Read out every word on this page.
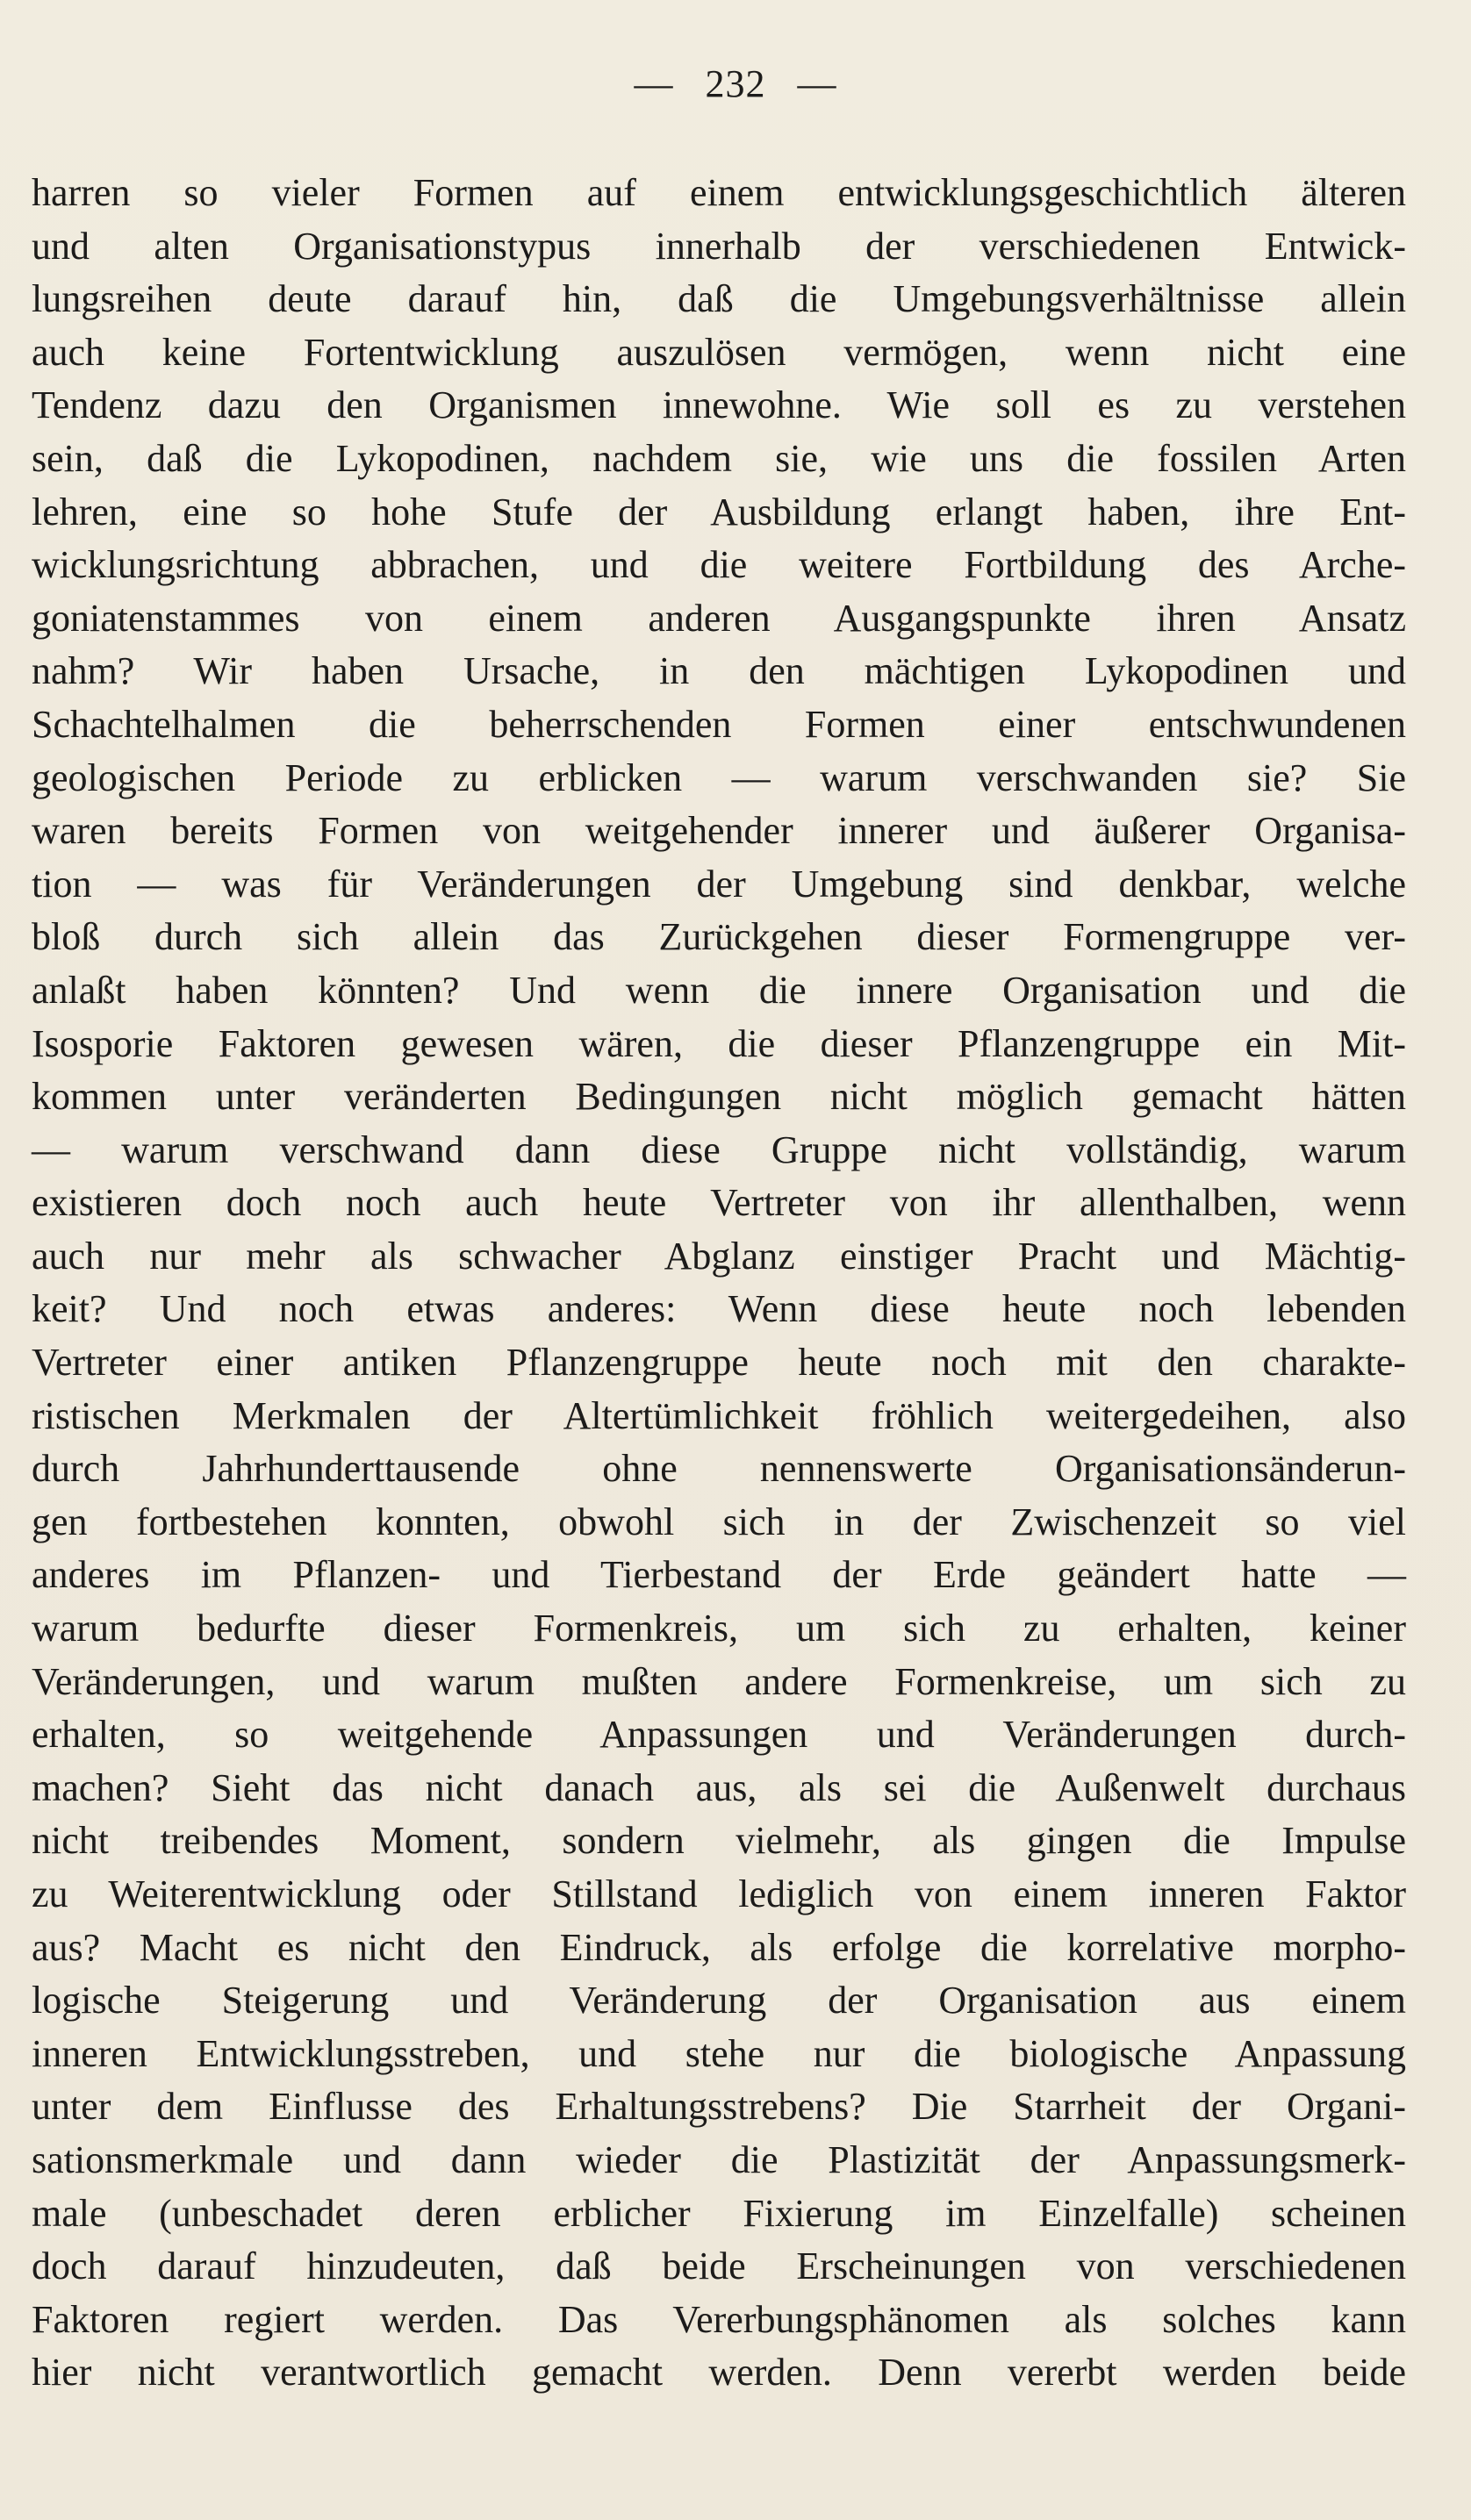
— 232 —
harren so vieler Formen auf einem entwicklungsgeschichtlich älteren
und alten Organisationstypus innerhalb der verschiedenen Entwick-
lungsreihen deute darauf hin, daß die Umgebungsverhältnisse allein
auch keine Fortentwicklung auszulösen vermögen, wenn nicht eine
Tendenz dazu den Organismen innewohne. Wie soll es zu verstehen
sein, daß die Lykopodinen, nachdem sie, wie uns die fossilen Arten
lehren, eine so hohe Stufe der Ausbildung erlangt haben, ihre Ent-
wicklungsrichtung abbrachen, und die weitere Fortbildung des Arche-
goniatenstammes von einem anderen Ausgangspunkte ihren Ansatz
nahm? Wir haben Ursache, in den mächtigen Lykopodinen und
Schachtelhalmen die beherrschenden Formen einer entschwundenen
geologischen Periode zu erblicken — warum verschwanden sie? Sie
waren bereits Formen von weitgehender innerer und äußerer Organisa-
tion — was für Veränderungen der Umgebung sind denkbar, welche
bloß durch sich allein das Zurückgehen dieser Formengruppe ver-
anlaßt haben könnten? Und wenn die innere Organisation und die
Isosporie Faktoren gewesen wären, die dieser Pflanzengruppe ein Mit-
kommen unter veränderten Bedingungen nicht möglich gemacht hätten
— warum verschwand dann diese Gruppe nicht vollständig, warum
existieren doch noch auch heute Vertreter von ihr allenthalben, wenn
auch nur mehr als schwacher Abglanz einstiger Pracht und Mächtig-
keit? Und noch etwas anderes: Wenn diese heute noch lebenden
Vertreter einer antiken Pflanzengruppe heute noch mit den charakte-
ristischen Merkmalen der Altertümlichkeit fröhlich weitergedeihen, also
durch Jahrhunderttausende ohne nennenswerte Organisationsänderun-
gen fortbestehen konnten, obwohl sich in der Zwischenzeit so viel
anderes im Pflanzen- und Tierbestand der Erde geändert hatte —
warum bedurfte dieser Formenkreis, um sich zu erhalten, keiner
Veränderungen, und warum mußten andere Formenkreise, um sich zu
erhalten, so weitgehende Anpassungen und Veränderungen durch-
machen? Sieht das nicht danach aus, als sei die Außenwelt durchaus
nicht treibendes Moment, sondern vielmehr, als gingen die Impulse
zu Weiterentwicklung oder Stillstand lediglich von einem inneren Faktor
aus? Macht es nicht den Eindruck, als erfolge die korrelative morpho-
logische Steigerung und Veränderung der Organisation aus einem
inneren Entwicklungsstreben, und stehe nur die biologische Anpassung
unter dem Einflusse des Erhaltungsstrebens? Die Starrheit der Organi-
sationsmerkmale und dann wieder die Plastizität der Anpassungsmerk-
male (unbeschadet deren erblicher Fixierung im Einzelfalle) scheinen
doch darauf hinzudeuten, daß beide Erscheinungen von verschiedenen
Faktoren regiert werden. Das Vererbungsphänomen als solches kann
hier nicht verantwortlich gemacht werden. Denn vererbt werden beide
